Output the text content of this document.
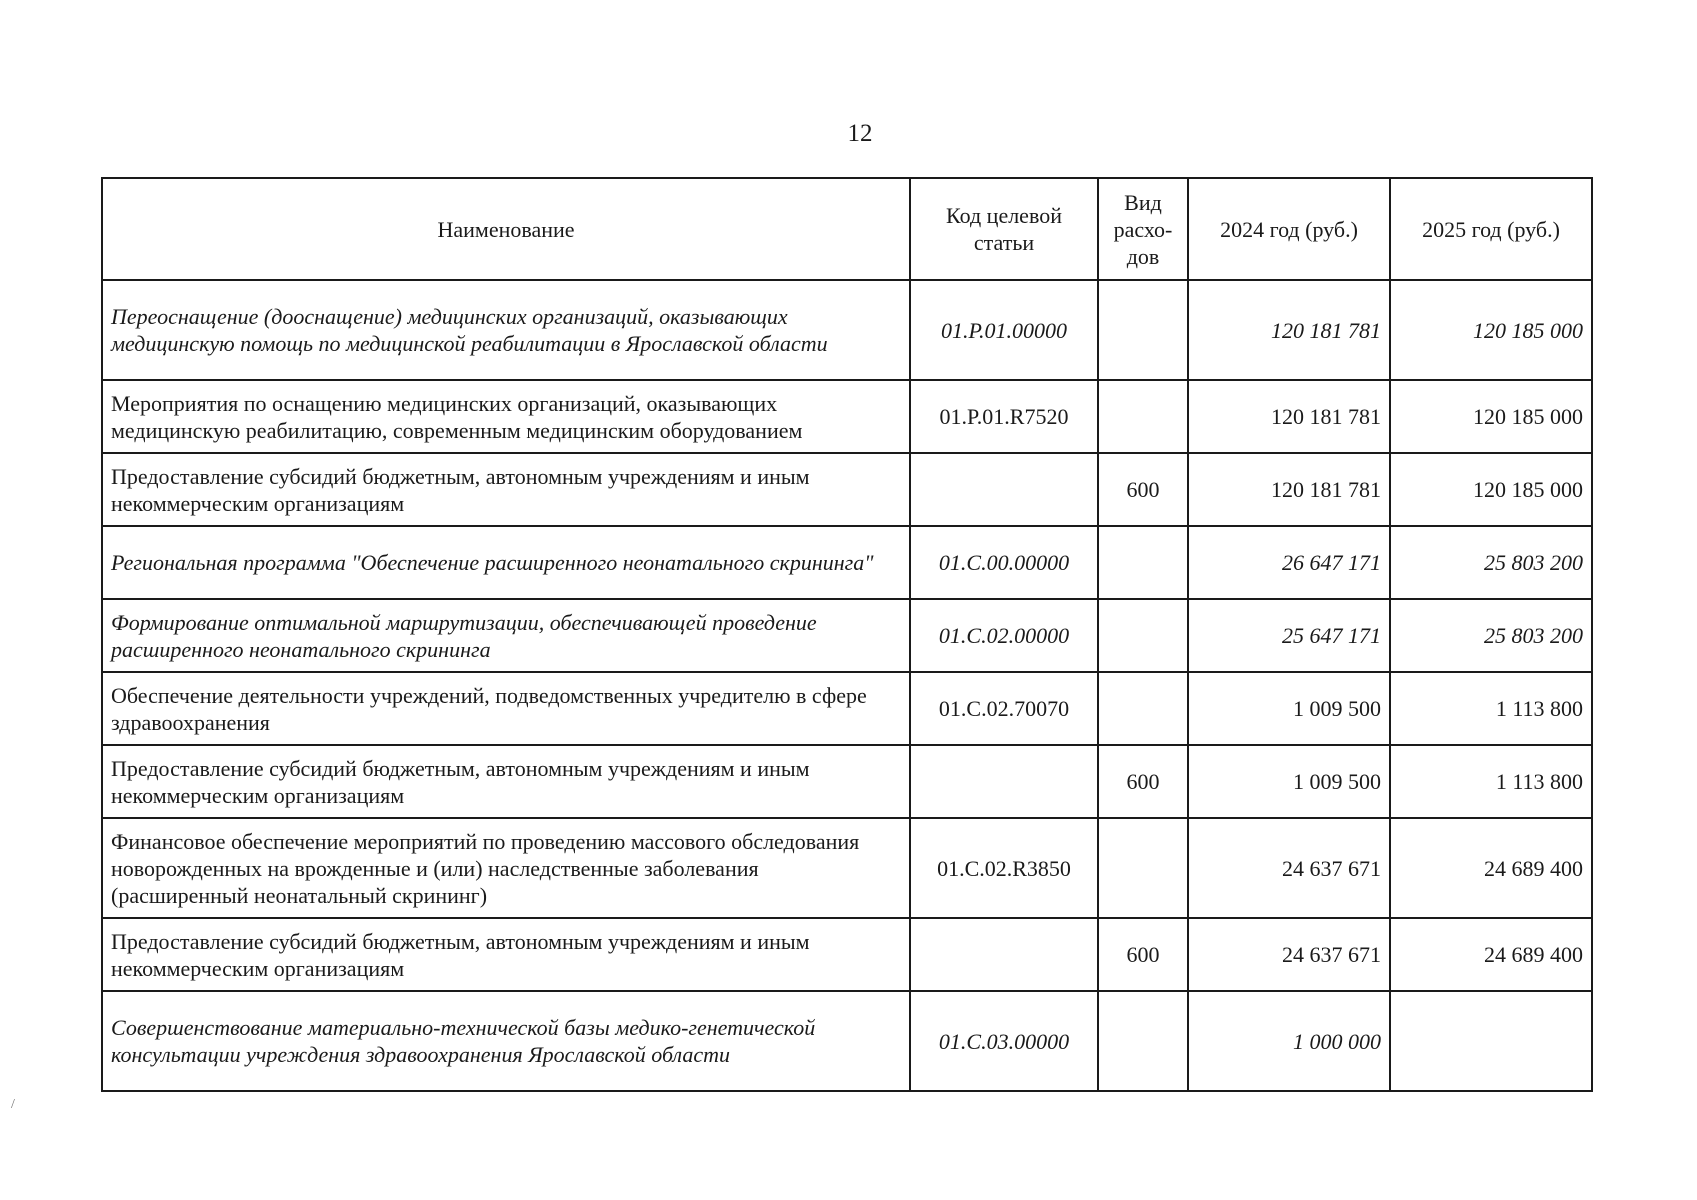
12
Наименование	Код целевой статьи	Вид расхо-дов	2024 год (руб.)	2025 год (руб.)
Переоснащение (дооснащение) медицинских организаций, оказывающих медицинскую помощь по медицинской реабилитации в Ярославской области	01.P.01.00000		120 181 781	120 185 000
Мероприятия по оснащению медицинских организаций, оказывающих медицинскую реабилитацию, современным медицинским оборудованием	01.P.01.R7520		120 181 781	120 185 000
Предоставление субсидий бюджетным, автономным учреждениям и иным некоммерческим организациям		600	120 181 781	120 185 000
Региональная программа "Обеспечение расширенного неонатального скрининга"	01.C.00.00000		26 647 171	25 803 200
Формирование оптимальной маршрутизации, обеспечивающей проведение расширенного неонатального скрининга	01.C.02.00000		25 647 171	25 803 200
Обеспечение деятельности учреждений, подведомственных учредителю в сфере здравоохранения	01.C.02.70070		1 009 500	1 113 800
Предоставление субсидий бюджетным, автономным учреждениям и иным некоммерческим организациям		600	1 009 500	1 113 800
Финансовое обеспечение мероприятий по проведению массового обследования новорожденных на врожденные и (или) наследственные заболевания (расширенный неонатальный скрининг)	01.C.02.R3850		24 637 671	24 689 400
Предоставление субсидий бюджетным, автономным учреждениям и иным некоммерческим организациям		600	24 637 671	24 689 400
Совершенствование материально-технической базы медико-генетической консультации учреждения здравоохранения Ярославской области	01.C.03.00000		1 000 000	
/
